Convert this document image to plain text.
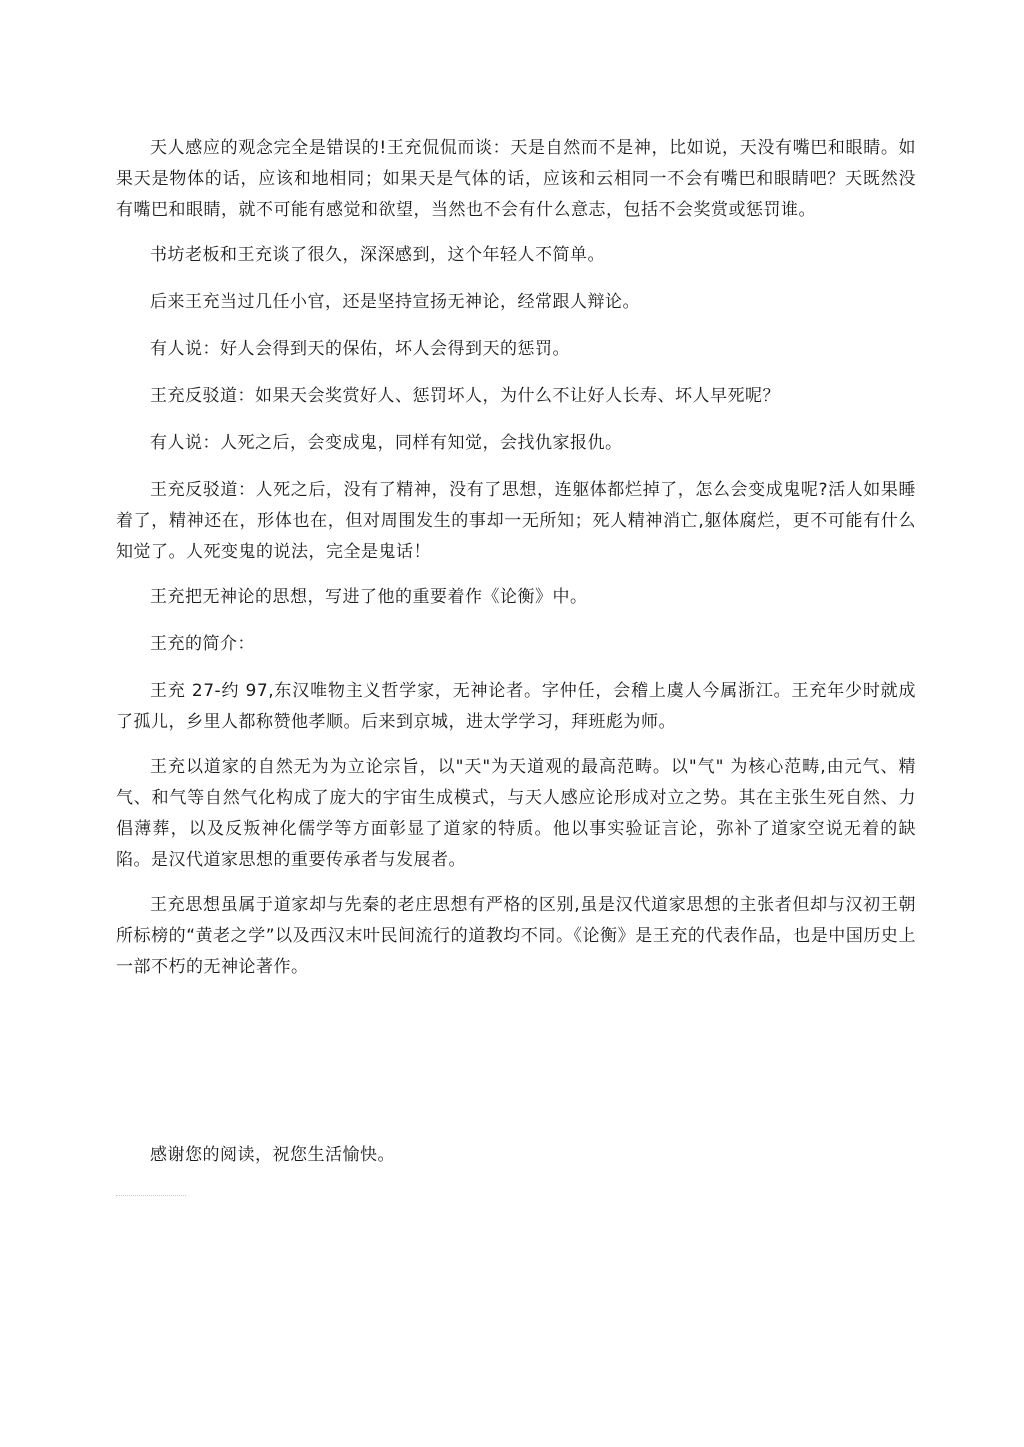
天人感应的观念完全是错误的!王充侃侃而谈：天是自然而不是神，比如说，天没有嘴巴和眼睛。如果天是物体的话，应该和地相同；如果天是气体的话，应该和云相同一不会有嘴巴和眼睛吧？天既然没有嘴巴和眼睛，就不可能有感觉和欲望，当然也不会有什么意志，包括不会奖赏或惩罚谁。

书坊老板和王充谈了很久，深深感到，这个年轻人不简单。

后来王充当过几任小官，还是坚持宣扬无神论，经常跟人辩论。

有人说：好人会得到天的保佑，坏人会得到天的惩罚。

王充反驳道：如果天会奖赏好人、惩罚坏人，为什么不让好人长寿、坏人早死呢？

有人说：人死之后，会变成鬼，同样有知觉，会找仇家报仇。

王充反驳道：人死之后，没有了精神，没有了思想，连躯体都烂掉了，怎么会变成鬼呢?活人如果睡着了，精神还在，形体也在，但对周围发生的事却一无所知；死人精神消亡,躯体腐烂，更不可能有什么知觉了。人死变鬼的说法，完全是鬼话！

王充把无神论的思想，写进了他的重要着作《论衡》中。

王充的简介：

王充 27-约 97,东汉唯物主义哲学家，无神论者。字仲任，会稽上虞人今属浙江。王充年少时就成了孤儿，乡里人都称赞他孝顺。后来到京城，进太学学习，拜班彪为师。

王充以道家的自然无为为立论宗旨，以"天"为天道观的最高范畴。以"气" 为核心范畴,由元气、精气、和气等自然气化构成了庞大的宇宙生成模式，与天人感应论形成对立之势。其在主张生死自然、力倡薄葬，以及反叛神化儒学等方面彰显了道家的特质。他以事实验证言论，弥补了道家空说无着的缺陷。是汉代道家思想的重要传承者与发展者。

王充思想虽属于道家却与先秦的老庄思想有严格的区别,虽是汉代道家思想的主张者但却与汉初王朝所标榜的“黄老之学”以及西汉末叶民间流行的道教均不同。《论衡》是王充的代表作品，也是中国历史上一部不朽的无神论著作。

感谢您的阅读，祝您生活愉快。
